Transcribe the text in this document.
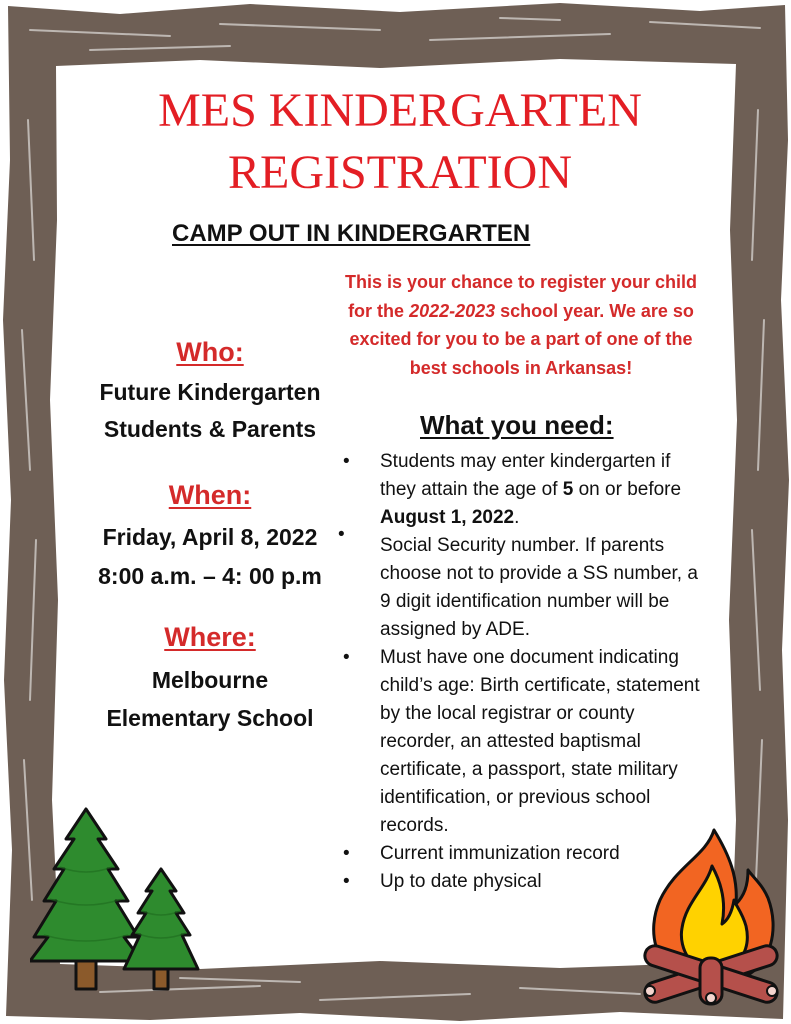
MES KINDERGARTEN
REGISTRATION
CAMP OUT IN KINDERGARTEN
This is your chance to register your child for the 2022-2023 school year. We are so excited for you to be a part of one of the best schools in Arkansas!
Who:
Future Kindergarten
Students & Parents
When:
Friday, April 8, 2022
8:00 a.m. – 4: 00 p.m
Where:
Melbourne
Elementary School
What you need:
• Students may enter kindergarten if they attain the age of 5 on or before August 1, 2022.
•
Social Security number. If parents choose not to provide a SS number, a 9 digit identification number will be assigned by ADE.
• Must have one document indicating child’s age: Birth certificate, statement by the local registrar or county recorder, an attested baptismal certificate, a passport, state military identification, or previous school records.
• Current immunization record
• Up to date physical
